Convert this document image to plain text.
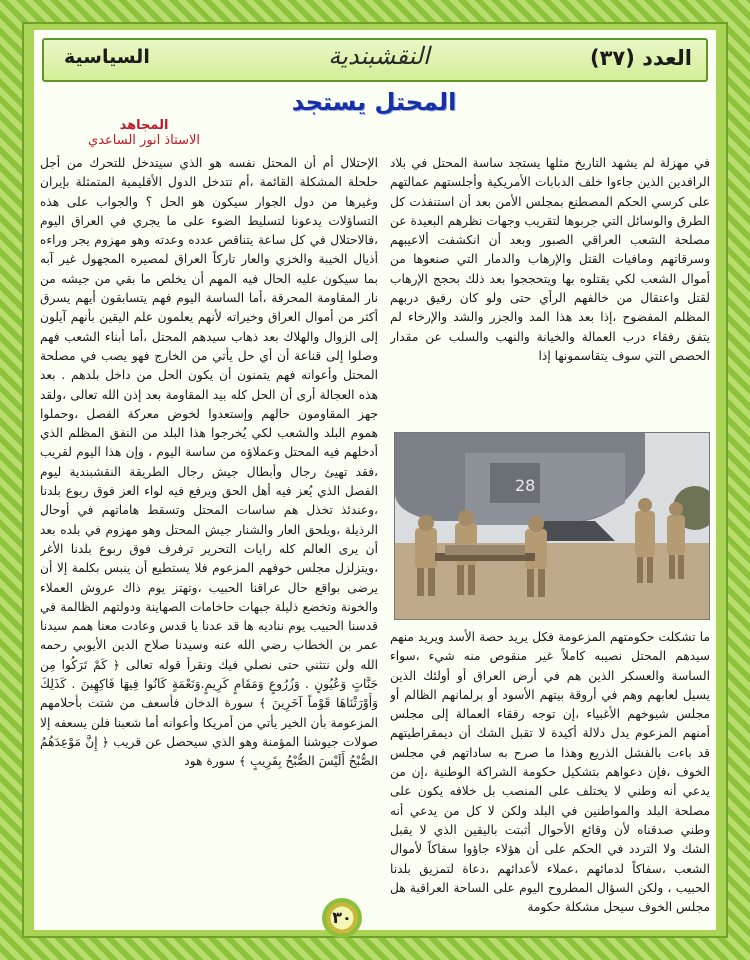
العدد (٣٧)
النقشبندية
السياسية
المحتل يستجد
المجاهد
الاستاذ انور الساعدي

في مهزلة لم يشهد التاريخ مثلها يستجد ساسة المحتل في بلاد الرافدين الذين جاءوا خلف الدبابات الأمريكية وأجلستهم عمالتهم على كرسي الحكم المصطنع بمجلس الأمن بعد أن استنفذت كل الطرق والوسائل التي جربوها لتقريب وجهات نظرهم البعيدة عن مصلحة الشعب العراقي الصبور وبعد أن انكشفت ألاعيبهم وسرقاتهم ومافيات القتل والإرهاب والدمار التي صنعوها من أموال الشعب لكي يقتلوه بها ويتحججوا بعد ذلك بحجج الإرهاب لقتل واعتقال من خالفهم الرأي حتى ولو كان رفيق دربهم المظلم المفضوح ،إذا بعد هذا المد والجزر والشد والإرخاء لم يتفق رفقاء درب العمالة والخيانة والنهب والسلب عن مقدار الحصص التي سوف يتقاسمونها إذا

28

ما تشكلت حكومتهم المزعومة فكل يريد حصة الأسد ويريد منهم سيدهم المحتل نصيبه كاملاً غير منقوص منه شيء ،سواء الساسة والعسكر الذين هم في أرض العراق أو أولئك الذين يسيل لعابهم وهم في أروقة بيتهم الأسود أو برلمانهم الظالم أو مجلس شيوخهم الأغبياء ،إن توجه رفقاء العمالة إلى مجلس أمنهم المزعوم يدل دلالة أكيدة لا تقبل الشك أن ديمقراطيتهم قد باءت بالفشل الذريع وهذا ما صرح به ساداتهم في مجلس الخوف ،فإن دعواهم بتشكيل حكومة الشراكة الوطنية ،إن من يدعي أنه وطني لا يختلف على المنصب بل خلافه يكون على مصلحة البلد والمواطنين في البلد ولكن لا كل من يدعي أنه وطني صدقناه لأن وقائع الأحوال أثبتت باليقين الذي لا يقبل الشك ولا التردد في الحكم على أن هؤلاء جاؤوا سفاكاً لأموال الشعب ،سفاكاً لدمائهم ،عملاء لأعدائهم ،دعاة لتمزيق بلدنا الحبيب ، ولكن السؤال المطروح اليوم على الساحة العراقية هل مجلس الخوف سيحل مشكلة حكومة

الإحتلال أم أن المحتل نفسه هو الذي سيتدخل للتحرك من أجل حلحلة المشكلة القائمة ،أم تتدخل الدول الأقليمية المتمثلة بإيران وغيرها من دول الجوار سيكون هو الحل ؟ والجواب على هذه التساؤلات يدعونا لتسليط الضوء على ما يجري في العراق اليوم ،فالاحتلال في كل ساعة يتناقص عدده وعدته وهو مهزوم يجر وراءه أذيال الخيبة والخزي والعار تاركاً العراق لمصيره المجهول غير آبه بما سيكون عليه الحال فيه المهم أن يخلص ما بقي من جيشه من نار المقاومة المحرقة ،أما الساسة اليوم فهم يتسابقون أيهم يسرق أكثر من أموال العراق وخيراته لأنهم يعلمون علم اليقين بأنهم آيلون إلى الزوال والهلاك بعد ذهاب سيدهم المحتل ،أما أبناء الشعب فهم وصلوا إلى قناعة أن أي حل يأتي من الخارج فهو يصب في مصلحة المحتل وأعوانه فهم يتمنون أن يكون الحل من داخل بلدهم . بعد هذه العجالة أرى أن الحل كله بيد المقاومة بعد إذن الله تعالى ،ولقد جهز المقاومون حالهم وإستعدوا لخوض معركة الفصل ،وحملوا هموم البلد والشعب لكي يُخرجوا هذا البلد من النفق المظلم الذي أدخلهم فيه المحتل وعملاؤه من ساسة اليوم ، وإن هذا اليوم لقريب ،فقد تهيئ رجال وأبطال جيش رجال الطريقة النقشبندية ليوم الفصل الذي يُعز فيه أهل الحق ويرفع فيه لواء العز فوق ربوع بلدنا ،وعندئذ تخذل هم ساسات المحتل وتسقط هاماتهم في أوحال الرذيلة ،ويلحق العار والشنار جيش المحتل وهو مهزوم في بلده بعد أن يرى العالم كله رايات التحرير ترفرف فوق ربوع بلدنا الأغر ،ويتزلزل مجلس خوفهم المزعوم فلا يستطيع أن ينبس بكلمة إلا أن يرضى بواقع حال عراقنا الحبيب ،وتهتز يوم ذاك عروش العملاء والخونة وتخضع ذليلة جبهات حاخامات الصهاينة ودولتهم الظالمة في قدسنا الحبيب يوم نناديه ها قد عدنا يا قدس وعادت معنا همم سيدنا عمر بن الخطاب رضي الله عنه وسيدنا صلاح الدين الأيوبي رحمه الله ولن نتثني حتى نصلي فيك ونقرأ قوله تعالى ﴿ كَمْ تَرَكُوا مِن جَنَّاتٍ وَعُيُونٍ . وَزُرُوعٍ وَمَقَامٍ كَرِيمٍ.وَنَعْمَةٍ كَانُوا فِيهَا فَاكِهِينَ . كَذَلِكَ وَأَوْرَثْنَاهَا قَوْماً آخَرِينَ ﴾ سورة الدخان فأسعف من شتت بأحلامهم المزعومة بأن الخير يأتي من أمريكا وأعوانه أما شعبنا فلن يسعفه إلا صولات جيوشنا المؤمنة وهو الذي سيحصل عن قريب ﴿ إِنَّ مَوْعِدَهُمُ الصُّبْحُ أَلَيْسَ الصُّبْحُ بِقَرِيبٍ ﴾ سورة هود

٣٠
